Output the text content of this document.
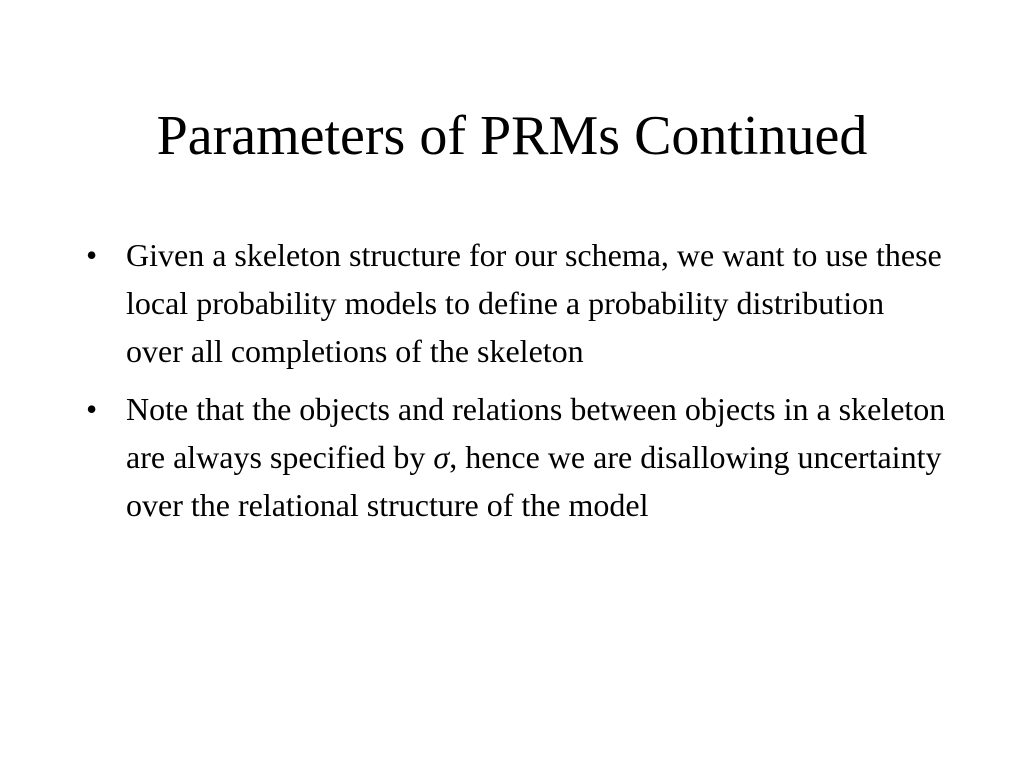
Parameters of PRMs Continued
• Given a skeleton structure for our schema, we want to use these local probability models to define a probability distribution over all completions of the skeleton
• Note that the objects and relations between objects in a skeleton are always specified by σ, hence we are disallowing uncertainty over the relational structure of the model
